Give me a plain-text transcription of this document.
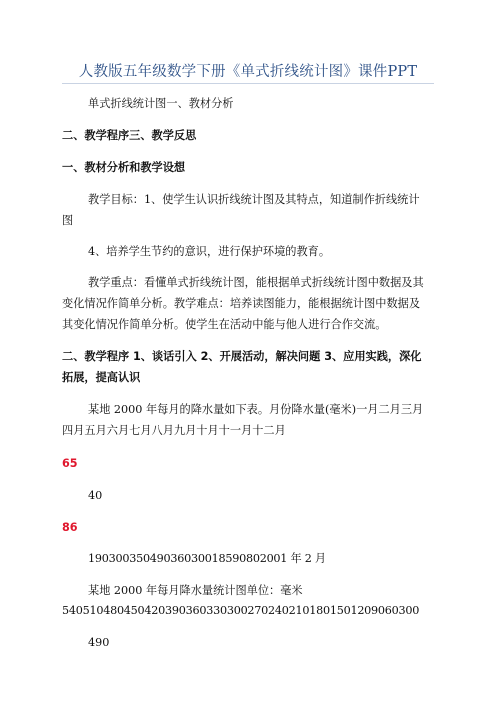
人教版五年级数学下册《单式折线统计图》课件PPT
单式折线统计图一、教材分析
二、教学程序三、教学反思
一、教材分析和教学设想
教学目标：1、使学生认识折线统计图及其特点，知道制作折线统计
图
4、培养学生节约的意识，进行保护环境的教育。
教学重点：看懂单式折线统计图，能根据单式折线统计图中数据及其
变化情况作简单分析。教学难点：培养读图能力，能根据统计图中数据及
其变化情况作简单分析。使学生在活动中能与他人进行合作交流。
二、教学程序 1、谈话引入 2、开展活动，解决问题 3、应用实践，深化
拓展，提高认识
某地 2000 年每月的降水量如下表。月份降水量(毫米)一月二月三月
四月五月六月七月八月九月十月十一月十二月
65
40
86
19030035049036030018590802001 年 2 月
某地 2000 年每月降水量统计图单位：毫米
540510480450420390360330300270240210180150120906030​0
490
